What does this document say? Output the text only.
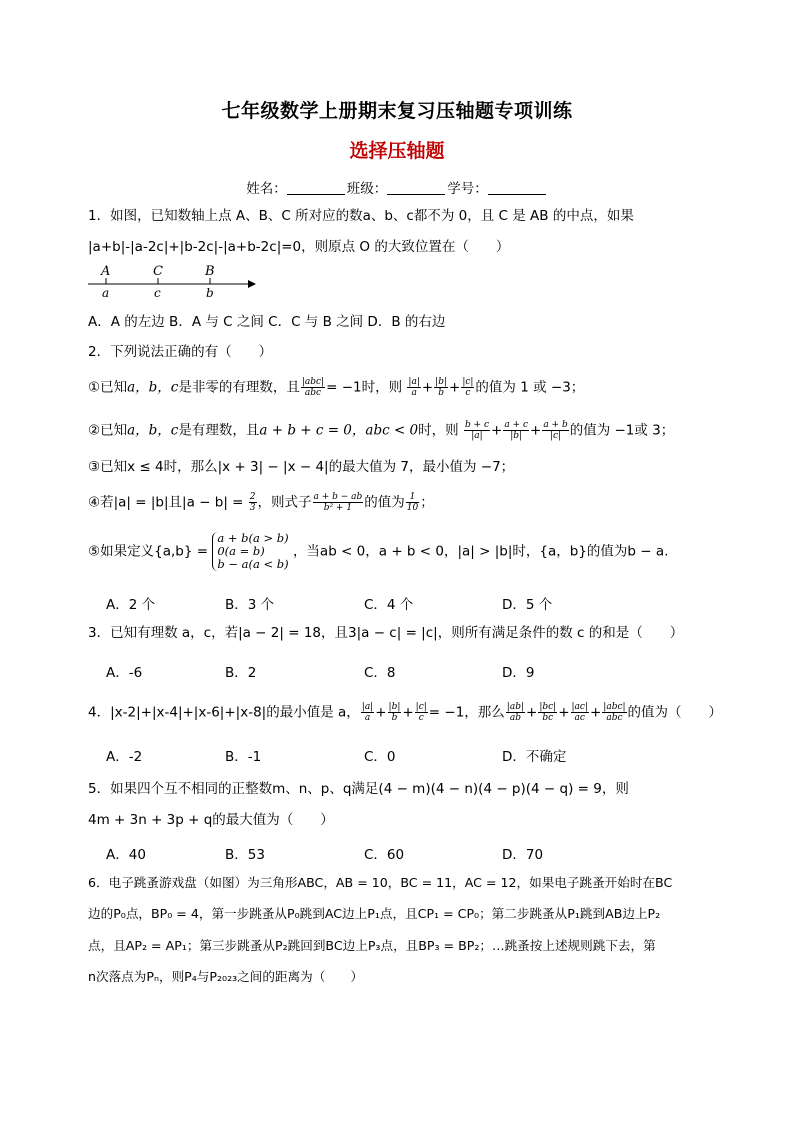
七年级数学上册期末复习压轴题专项训练
选择压轴题
姓名：	班级：	学号：
1．如图，已知数轴上点 A、B、C 所对应的数a、b、c都不为 0，且 C 是 AB 的中点，如果
|a+b|-|a-2c|+|b-2c|-|a+b-2c|=0，则原点 O 的大致位置在（　　）
A	C	B
a	c	b
A．A 的左边 B．A 与 C 之间 C．C 与 B 之间 D．B 的右边
2．下列说法正确的有（　　）
①已知a，b，c是非零的有理数，且 $\frac{\text{|abc|}}{\text{abc}} = -1$时，则 $\frac{|a|}{a} + \frac{|b|}{b} + \frac{|c|}{c}$ 的值为 1 或 −3；
②已知a，b，c是有理数，且a + b + c = 0，abc < 0时，则 $\frac{b + c}{|a|} + \frac{a + c}{|b|} + \frac{a + b}{|c|}$ 的值为 −1或 3；
③已知x ≤ 4时，那么|x + 3| − |x − 4|的最大值为 7，最小值为 −7；
④若|a| = |b|且$|a - b| = \frac{2}{3}$ ，则式子 $\frac{a + b - ab}{\text{b² + 1}}$ 的值为 $\frac{1}{10}$ ；
⑤如果定义{a,b} =
a + b(a > b)
0(a = b)
b − a(a < b)
，当ab < 0，a + b < 0，|a| > |b|时，{a，b}的值为b − a.
A．2 个	B．3 个	C．4 个	D．5 个
3．已知有理数 a，c，若|a − 2| = 18，且3|a − c| = |c|，则所有满足条件的数 c 的和是（　　）
A．-6	B．2	C．8	D．9
4．|x-2|+|x-4|+|x-6|+|x-8|的最小值是 a， $\frac{|a|}{a} + \frac{|b|}{b} + \frac{|c|}{c} = -1$，那么 $\frac{|ab|}{ab} + \frac{|bc|}{bc} + \frac{|ac|}{ac} + \frac{\text{|abc|}}{\text{abc}}$ 的值为（　　）
A．-2	B．-1	C．0	D．不确定
5．如果四个互不相同的正整数m、n、p、q满足(4 − m)(4 − n)(4 − p)(4 − q) = 9，则
4m + 3n + 3p + q的最大值为（　　）
A．40	B．53	C．60	D．70
6．电子跳蚤游戏盘（如图）为三角形ABC，AB = 10，BC = 11，AC = 12，如果电子跳蚤开始时在BC
边的P₀点，BP₀ = 4，第一步跳蚤从P₀跳到AC边上P₁点，且CP₁ = CP₀；第二步跳蚤从P₁跳到AB边上P₂
点，且AP₂ = AP₁；第三步跳蚤从P₂跳回到BC边上P₃点，且BP₃ = BP₂；…跳蚤按上述规则跳下去，第
n次落点为Pₙ，则P₄与P₂₀₂₃之间的距离为（　　）
